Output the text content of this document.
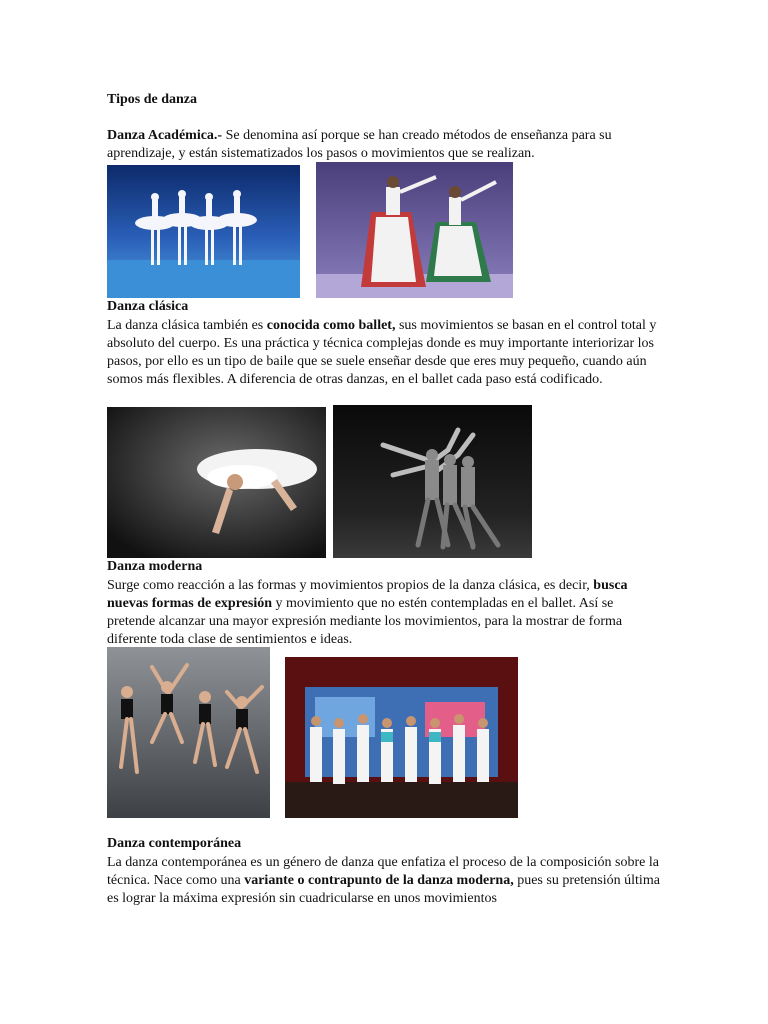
Tipos de danza

Danza Académica.- Se denomina así porque se han creado métodos de enseñanza para su aprendizaje, y están sistematizados los pasos o movimientos que se realizan.

Danza clásica

La danza clásica también es conocida como ballet, sus movimientos se basan en el control total y absoluto del cuerpo. Es una práctica y técnica complejas donde es muy importante interiorizar los pasos, por ello es un tipo de baile que se suele enseñar desde que eres muy pequeño, cuando aún somos más flexibles. A diferencia de otras danzas, en el ballet cada paso está codificado.

Danza moderna

Surge como reacción a las formas y movimientos propios de la danza clásica, es decir, busca nuevas formas de expresión y movimiento que no estén contempladas en el ballet. Así se pretende alcanzar una mayor expresión mediante los movimientos, para la mostrar de forma diferente toda clase de sentimientos e ideas.

Danza contemporánea

La danza contemporánea es un género de danza que enfatiza el proceso de la composición sobre la técnica. Nace como una variante o contrapunto de la danza moderna, pues su pretensión última es lograr la máxima expresión sin cuadricularse en unos movimientos
